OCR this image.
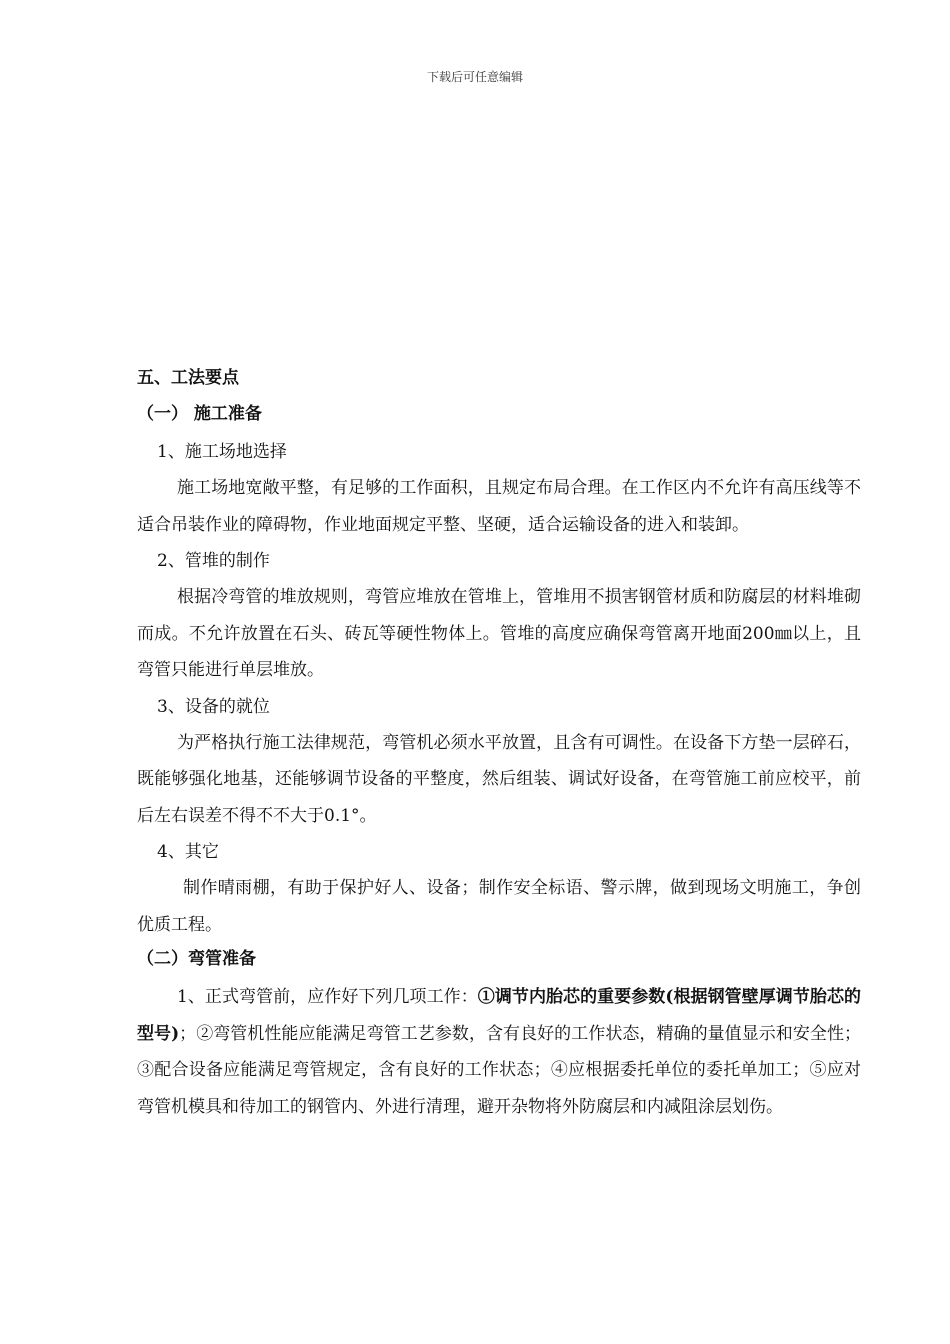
下载后可任意编辑
五、工法要点
（一） 施工准备
1、施工场地选择
施工场地宽敞平整，有足够的工作面积，且规定布局合理。在工作区内不允许有高压线等不适合吊装作业的障碍物，作业地面规定平整、坚硬，适合运输设备的进入和装卸。
2、管堆的制作
根据冷弯管的堆放规则，弯管应堆放在管堆上，管堆用不损害钢管材质和防腐层的材料堆砌而成。不允许放置在石头、砖瓦等硬性物体上。管堆的高度应确保弯管离开地面200㎜以上，且弯管只能进行单层堆放。
3、设备的就位
为严格执行施工法律规范，弯管机必须水平放置，且含有可调性。在设备下方垫一层碎石，既能够强化地基，还能够调节设备的平整度，然后组装、调试好设备，在弯管施工前应校平，前后左右误差不得不不大于0.1°。
4、其它
制作晴雨棚，有助于保护好人、设备；制作安全标语、警示牌，做到现场文明施工，争创优质工程。
（二）弯管准备
1、正式弯管前，应作好下列几项工作：①调节内胎芯的重要参数(根据钢管壁厚调节胎芯的型号)；②弯管机性能应能满足弯管工艺参数，含有良好的工作状态，精确的量值显示和安全性；③配合设备应能满足弯管规定，含有良好的工作状态；④应根据委托单位的委托单加工；⑤应对弯管机模具和待加工的钢管内、外进行清理，避开杂物将外防腐层和内减阻涂层划伤。
